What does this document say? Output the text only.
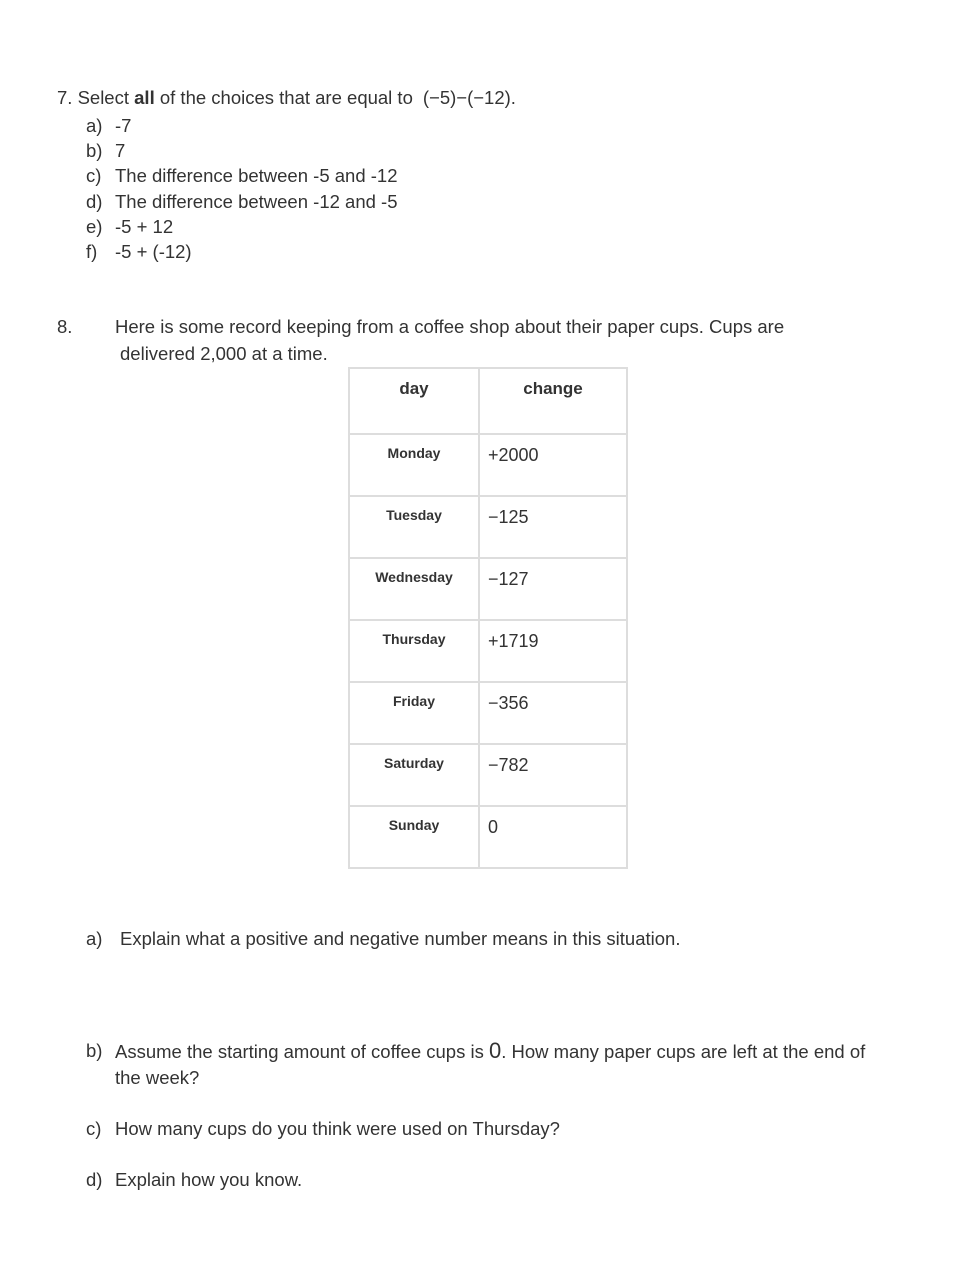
7. Select all of the choices that are equal to (−5)−(−12).
a) -7
b) 7
c) The difference between -5 and -12
d) The difference between -12 and -5
e) -5 + 12
f) -5 + (-12)
8. Here is some record keeping from a coffee shop about their paper cups. Cups are
delivered 2,000 at a time.
day	change
Monday	+2000
Tuesday	−125
Wednesday	−127
Thursday	+1719
Friday	−356
Saturday	−782
Sunday	0
a) Explain what a positive and negative number means in this situation.
b) Assume the starting amount of coffee cups is 0. How many paper cups are left at the end of
the week?
c) How many cups do you think were used on Thursday?
d) Explain how you know.
